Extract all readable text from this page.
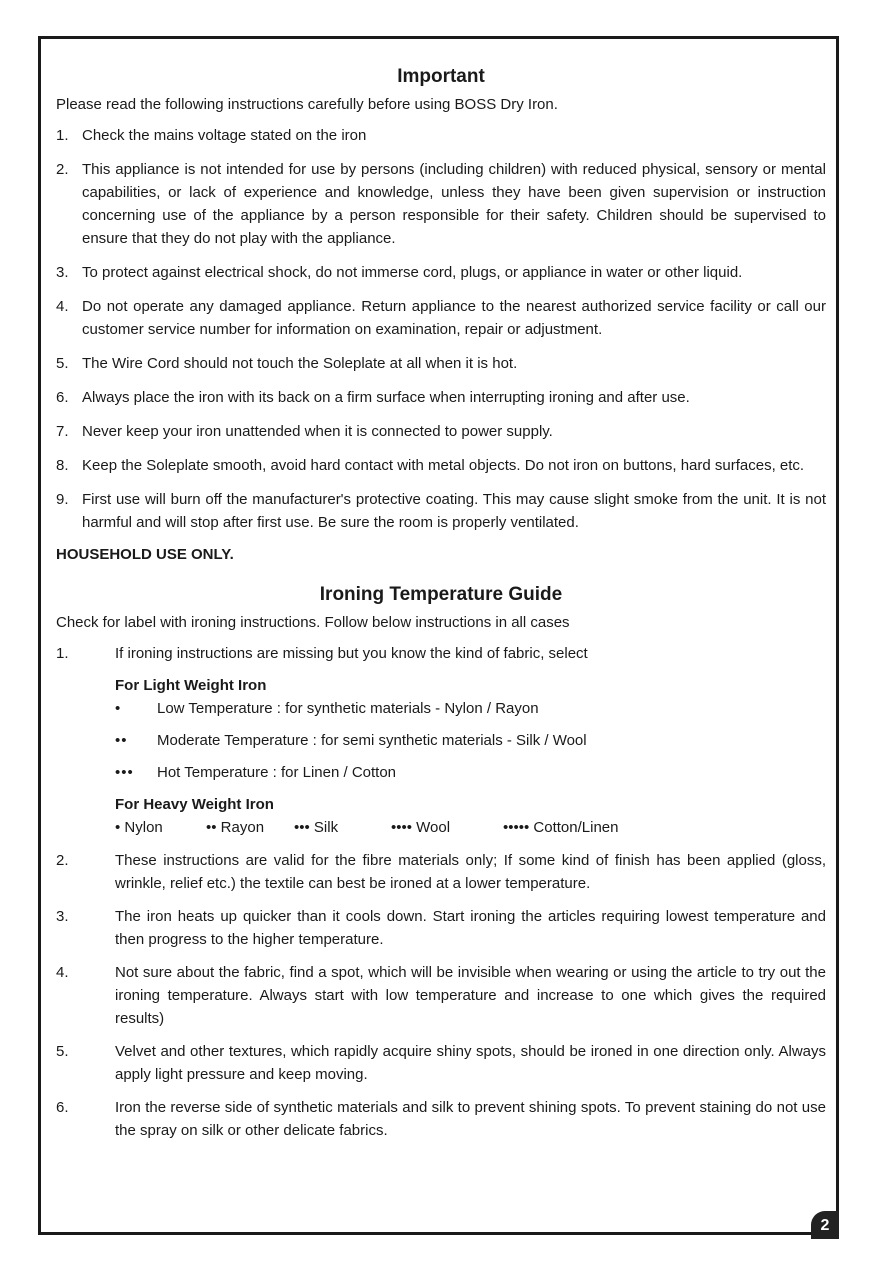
Important
Please read the following instructions carefully before using BOSS Dry Iron.
1. Check the mains voltage stated on the iron
2. This appliance is not intended for use by persons (including children) with reduced physical, sensory or mental capabilities, or lack of experience and knowledge, unless they have been given supervision or instruction concerning use of the appliance by a person responsible for their safety. Children should be supervised to ensure that they do not play with the appliance.
3. To protect against electrical shock, do not immerse cord, plugs, or appliance in water or other liquid.
4. Do not operate any damaged appliance. Return appliance to the nearest authorized service facility or call our customer service number for information on examination, repair or adjustment.
5. The Wire Cord should not touch the Soleplate at all when it is hot.
6. Always place the iron with its back on a firm surface when interrupting ironing and after use.
7. Never keep your iron unattended when it is connected to power supply.
8. Keep the Soleplate smooth, avoid hard contact with metal objects. Do not iron on buttons, hard surfaces, etc.
9. First use will burn off the manufacturer's protective coating. This may cause slight smoke from the unit. It is not harmful and will stop after first use. Be sure the room is properly ventilated.
HOUSEHOLD USE ONLY.
Ironing Temperature Guide
Check for label with ironing instructions. Follow below instructions in all cases
1.	If ironing instructions are missing but you know the kind of fabric, select
For Light Weight Iron
•	Low Temperature : for synthetic materials - Nylon / Rayon
••	Moderate Temperature : for semi synthetic materials - Silk / Wool
•••	Hot Temperature : for Linen / Cotton
For Heavy Weight Iron
• Nylon	•• Rayon	••• Silk	•••• Wool	••••• Cotton/Linen
2.	These instructions are valid for the fibre materials only; If some kind of finish has been applied (gloss, wrinkle, relief etc.) the textile can best be ironed at a lower temperature.
3.	The iron heats up quicker than it cools down. Start ironing the articles requiring lowest temperature and then progress to the higher temperature.
4.	Not sure about the fabric, find a spot, which will be invisible when wearing or using the article to try out the ironing temperature. Always start with low temperature and increase to one which gives the required results)
5.	Velvet and other textures, which rapidly acquire shiny spots, should be ironed in one direction only. Always apply light pressure and keep moving.
6.	Iron the reverse side of synthetic materials and silk to prevent shining spots. To prevent staining do not use the spray on silk or other delicate fabrics.
2
